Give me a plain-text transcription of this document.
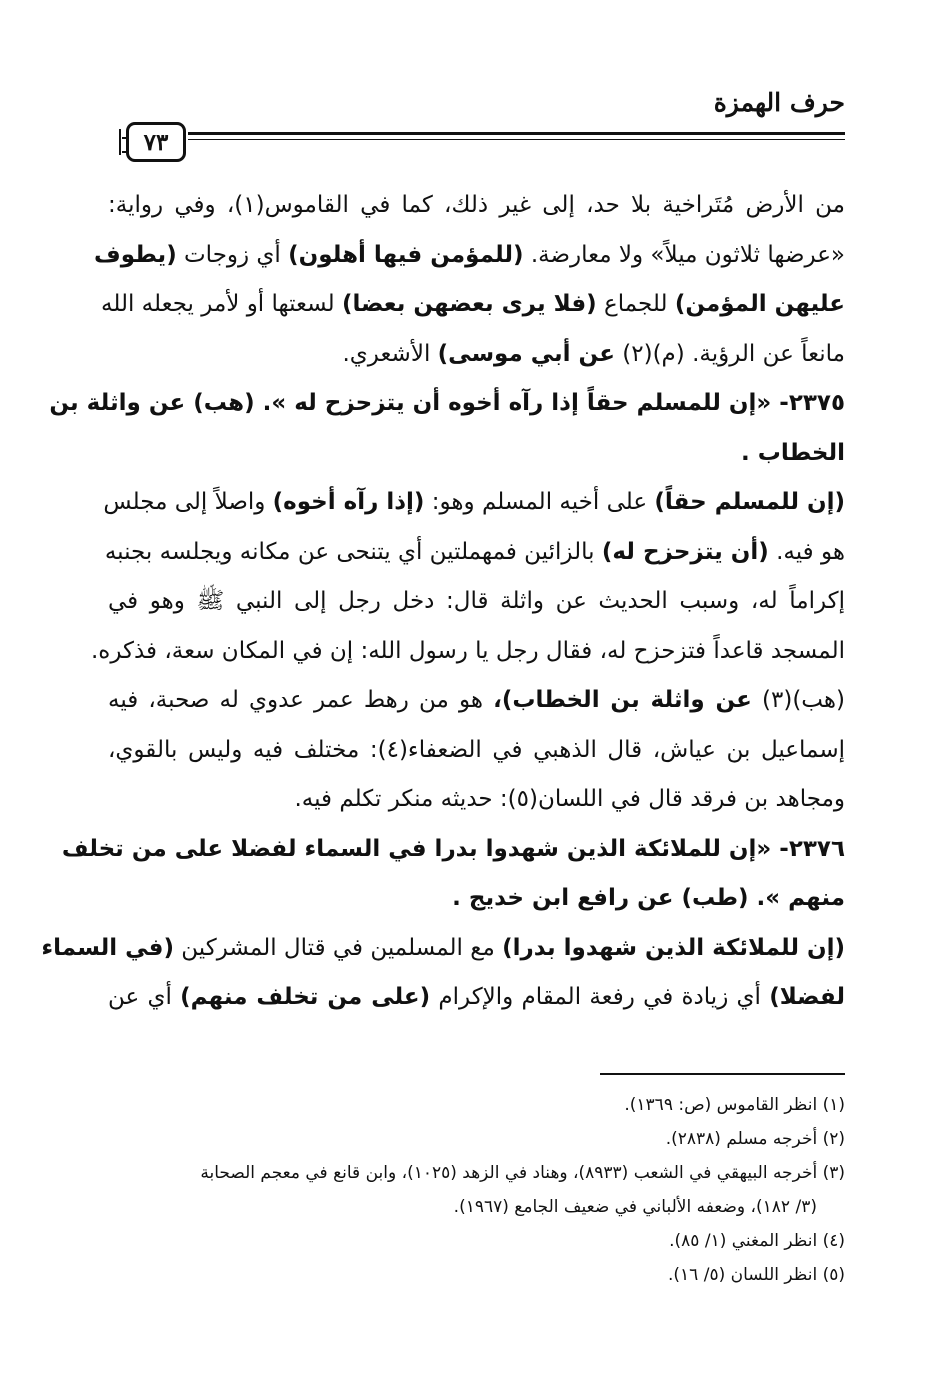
حرف الهمزة
٧٣
من الأرض مُتَراخية بلا حد، إلى غير ذلك، كما في القاموس(١)، وفي رواية:
«عرضها ثلاثون ميلاً» ولا معارضة. (للمؤمن فيها أهلون) أي زوجات (يطوف
عليهن المؤمن) للجماع (فلا يرى بعضهن بعضا) لسعتها أو لأمر يجعله الله
مانعاً عن الرؤية. (م)(٢) عن أبي موسى) الأشعري.
٢٣٧٥- «إن للمسلم حقاً إذا رآه أخوه أن يتزحزح له ». (هب) عن واثلة بن
الخطاب .
(إن للمسلم حقاً) على أخيه المسلم وهو: (إذا رآه أخوه) واصلاً إلى مجلس
هو فيه. (أن يتزحزح له) بالزائين فمهملتين أي يتنحى عن مكانه ويجلسه بجنبه
إكراماً له، وسبب الحديث عن واثلة قال: دخل رجل إلى النبي ﷺ وهو في
المسجد قاعداً فتزحزح له، فقال رجل يا رسول الله: إن في المكان سعة، فذكره.
(هب)(٣) عن واثلة بن الخطاب)، هو من رهط عمر عدوي له صحبة، فيه
إسماعيل بن عياش، قال الذهبي في الضعفاء(٤): مختلف فيه وليس بالقوي،
ومجاهد بن فرقد قال في اللسان(٥): حديثه منكر تكلم فيه.
٢٣٧٦- «إن للملائكة الذين شهدوا بدرا في السماء لفضلا على من تخلف
منهم ». (طب) عن رافع ابن خديج .
(إن للملائكة الذين شهدوا بدرا) مع المسلمين في قتال المشركين (في السماء
(١) انظر القاموس (ص: ١٣٦٩).
(٢) أخرجه مسلم (٢٨٣٨).
(٣) أخرجه البيهقي في الشعب (٨٩٣٣)، وهناد في الزهد (١٠٢٥)، وابن قانع في معجم الصحابة
(٣/ ١٨٢)، وضعفه الألباني في ضعيف الجامع (١٩٦٧).
(٤) انظر المغني (١/ ٨٥).
(٥) انظر اللسان (٥/ ١٦).
لفضلا) أي زيادة في رفعة المقام والإكرام (على من تخلف منهم) أي عن
